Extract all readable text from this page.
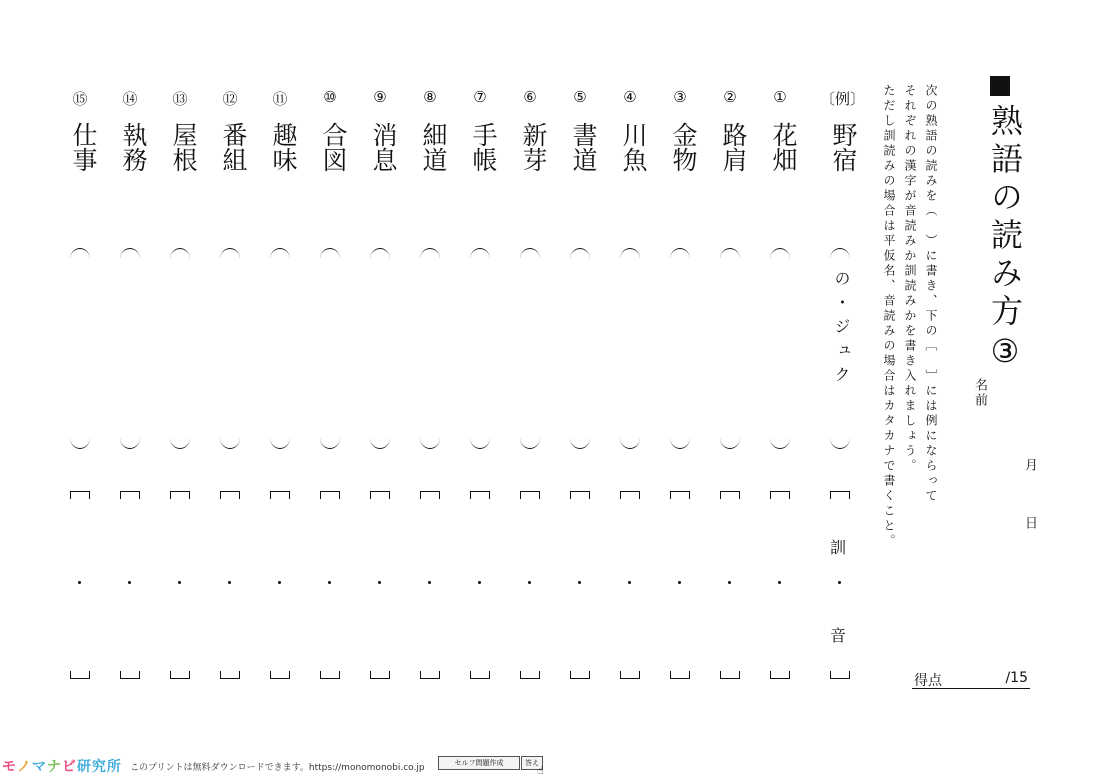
熟語の読み方③
名前
月
日
次の熟語の読みを（　）に書き、下の［　］には例にならって
それぞれの漢字が音読みか訓読みかを書き入れましょう。
ただし訓読みの場合は平仮名、音読みの場合はカタカナで書くこと。
得点	/15
〔例〕
野宿
の・ジュク
訓
音
①
花畑
②
路肩
③
金物
④
川魚
⑤
書道
⑥
新芽
⑦
手帳
⑧
細道
⑨
消息
⑩
合図
⑪
趣味
⑫
番組
⑬
屋根
⑭
執務
⑮
仕事
モノマナビ研究所 このプリントは無料ダウンロードできます。https://monomonobi.co.jp	セルフ問題作成	答え
☝
